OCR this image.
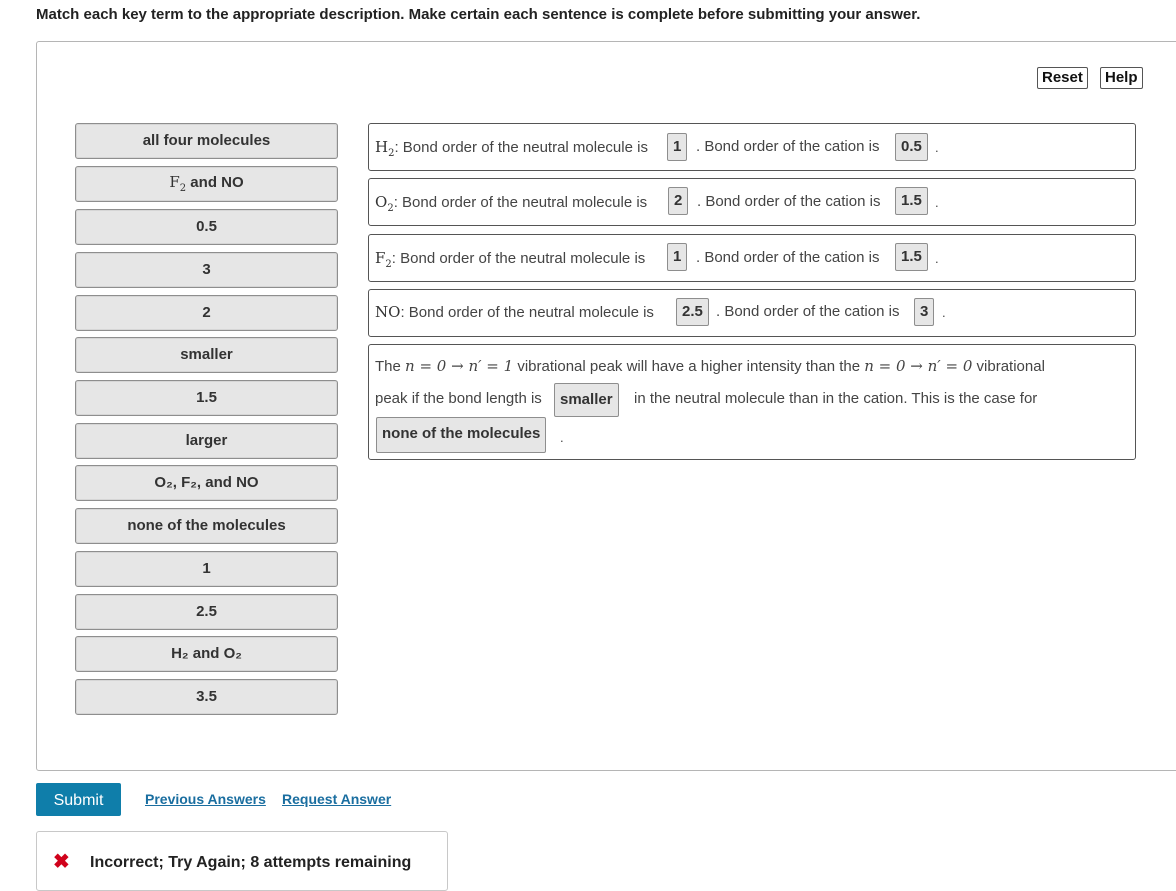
Match each key term to the appropriate description. Make certain each sentence is complete before submitting your answer.
Reset	Help
all four molecules
$F_2$ and NO
0.5
3
2
smaller
1.5
larger
O₂, F₂, and NO
none of the molecules
1
2.5
H₂ and O₂
3.5
$H_2$: Bond order of the neutral molecule is	1 . Bond order of the cation is	0.5	.
$O_2$: Bond order of the neutral molecule is	2 . Bond order of the cation is	1.5	.
$F_2$: Bond order of the neutral molecule is	1 . Bond order of the cation is	1.5	.
NO: Bond order of the neutral molecule is	2.5 . Bond order of the cation is	3	.
The n = 0 → n′ = 1 vibrational peak will have a higher intensity than the n = 0 → n′ = 0 vibrational
peak if the bond length is	smaller	in the neutral molecule than in the cation. This is the case for
none of the molecules	.
Submit	Previous Answers Request Answer
✖ Incorrect; Try Again; 8 attempts remaining
